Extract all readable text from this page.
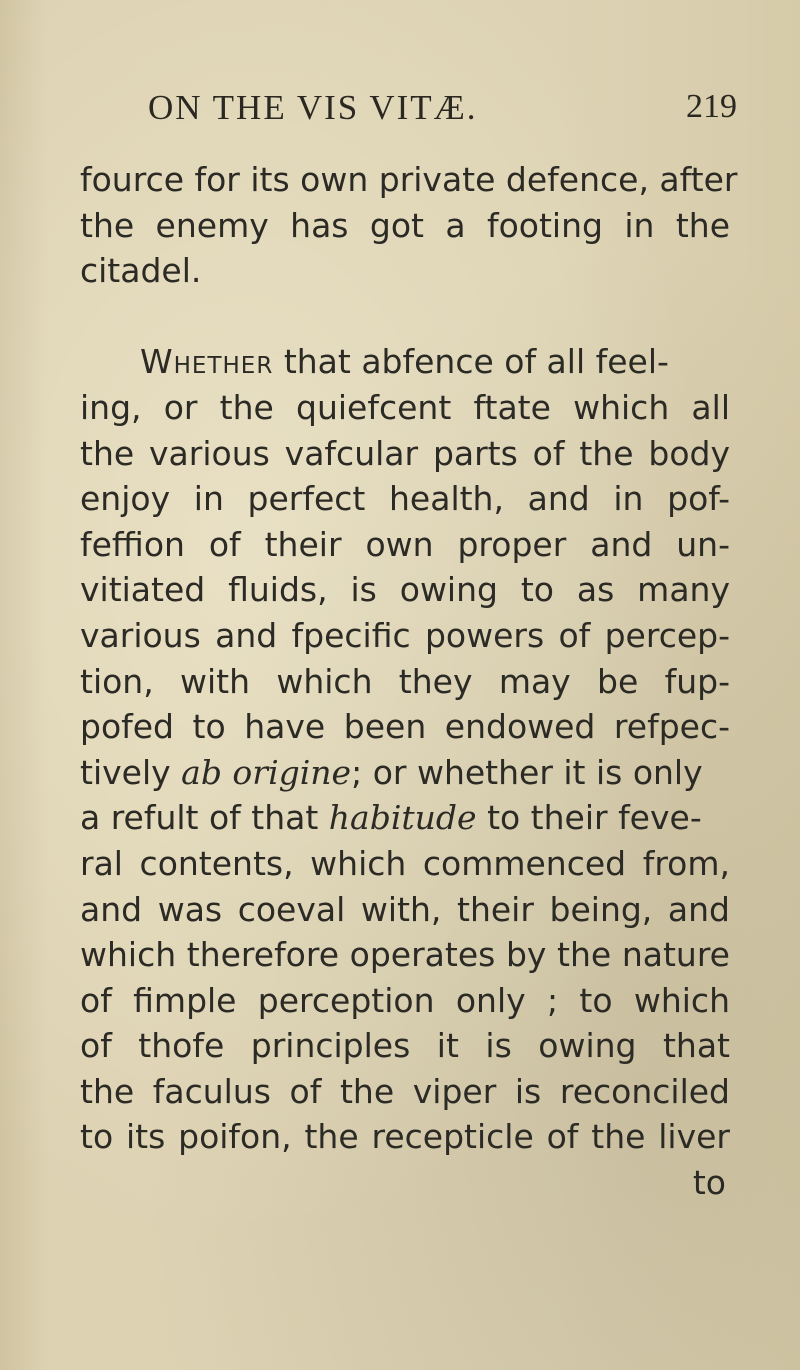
ON THE VIS VITÆ.	219
fource for its own private defence, after
the enemy has got a footing in the
citadel.
Whether that abfence of all feel-
ing, or the quiefcent ftate which all
the various vafcular parts of the body
enjoy in perfect health, and in pof-
feffion of their own proper and un-
vitiated fluids, is owing to as many
various and fpecific powers of percep-
tion, with which they may be fup-
pofed to have been endowed refpec-
tively ab origine; or whether it is only
a refult of that habitude to their feve-
ral contents, which commenced from,
and was coeval with, their being, and
which therefore operates by the nature
of fimple perception only ; to which
of thofe principles it is owing that
the faculus of the viper is reconciled
to its poifon, the recepticle of the liver
to
